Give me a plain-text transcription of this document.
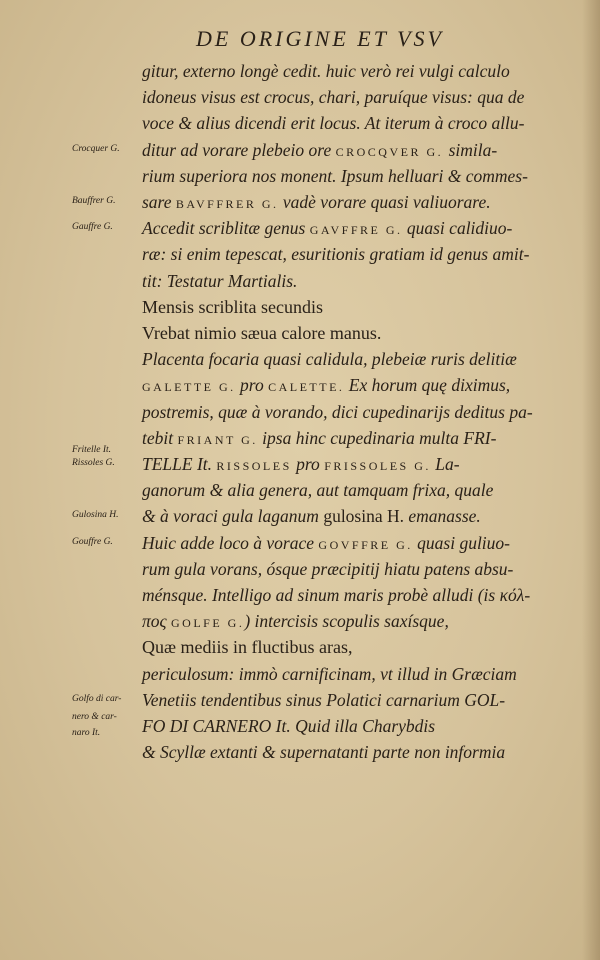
DE ORIGINE ET VSV
gitur, externo longè cedit. huic verò rei vulgi calculo
idoneus visus est crocus, chari, paruíque visus: qua de
voce & alius dicendi erit locus. At iterum à croco allu-
ditur ad vorare plebeio ore CROCQVER G. simila-
rium superiora nos monent. Ipsum helluari & commes-
sare BAVFFRER G. vadè vorare quasi valiuorare.
Accedit scriblitæ genus GAVFFRE G. quasi calidiuo-
ræ: si enim tepescat, esuritionis gratiam id genus amit-
tit: Testatur Martialis.
Mensis scriblita secundis
Vrebat nimio sæua calore manus.
Placenta focaria quasi calidula, plebeiæ ruris delitiæ
GALETTE G. pro CALETTE. Ex horum quę diximus,
postremis, quæ à vorando, dici cupedinarijs deditus pa-
tebit FRIANT G. ipsa hinc cupedinaria multa FRI-
TELLE It. RISSOLES pro FRISSOLES G. La-
ganorum & alia genera, aut tamquam frixa, quale
& à voraci gula laganum gulosina H. emanasse.
Huic adde loco à vorace GOVFFRE G. quasi guliuo-
rum gula vorans, ósque præcipitij hiatu patens absu-
ménsque. Intelligo ad sinum maris probè alludi (is κόλ-
πος GOLFE G.) intercisis scopulis saxísque,
Quæ mediis in fluctibus aras,
periculosum: immò carnificinam, vt illud in Græciam
Venetiis tendentibus sinus Polatici carnarium GOL-
FO DI CARNERO It. Quid illa Charybdis
& Scyllæ extanti & supernatanti parte non informia
Crocquer G.
Bauffrer G.
Gauffre G.
Fritelle It.
Rissoles G.
Gulosina H.
Gouffre G.
Golfo di car-
nero & car-
naro It.
